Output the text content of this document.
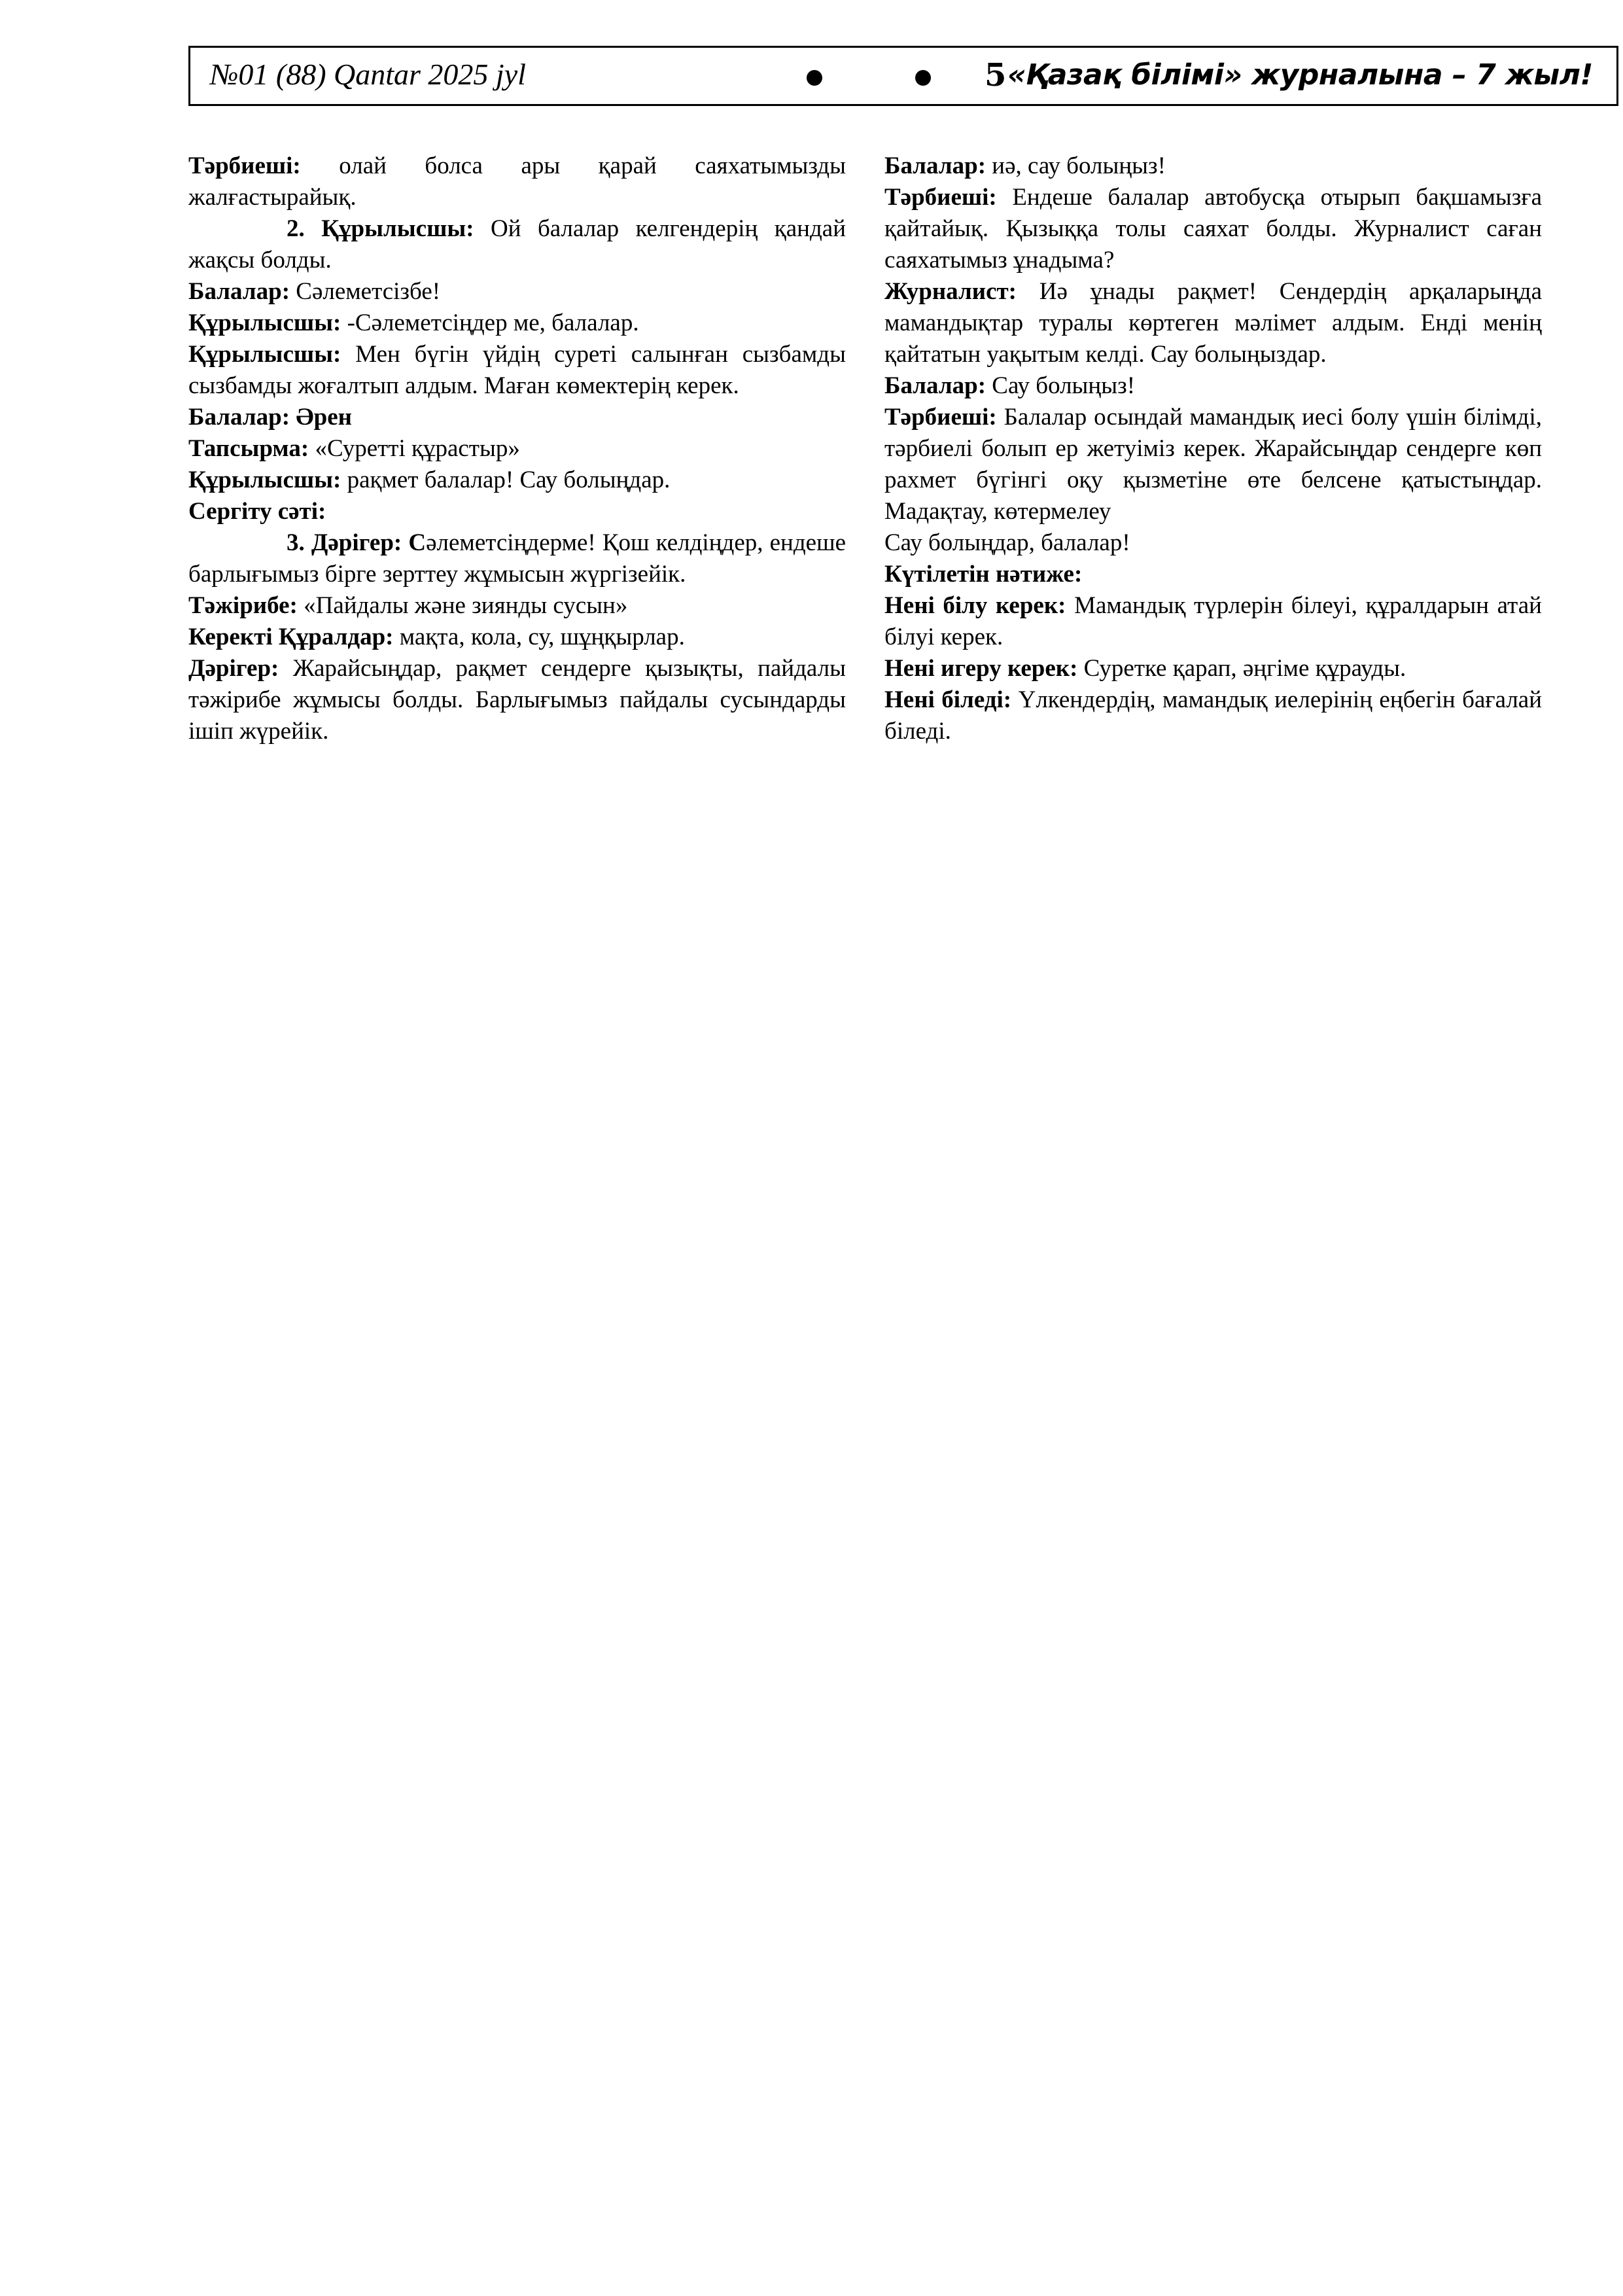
№01 (88) Qantar 2025 jyl	5 «Қазақ білімі» журналына – 7 жыл!

Тәрбиеші: олай болса ары қарай саяхатымызды жалғастырайық.

2. Құрылысшы: Ой балалар келгендерің қандай жақсы болды.

Балалар: Сәлеметсізбе!

Құрылысшы: -Сәлеметсіңдер ме, балалар.

Құрылысшы: Мен бүгін үйдің суреті салынған сызбамды сызбамды жоғалтып алдым. Маған көмектерің керек.

Балалар: Әрен

Тапсырма: «Суретті құрастыр»

Құрылысшы: рақмет балалар! Сау болыңдар.

Сергіту сәті:

3. Дәрігер: Сәлеметсіңдерме! Қош келдіңдер, ендеше барлығымыз бірге зерттеу жұмысын жүргізейік.

Тәжірибе: «Пайдалы және зиянды сусын»

Керекті Құралдар: мақта, кола, су, шұңқырлар.

Дәрігер: Жарайсыңдар, рақмет сендерге қызықты, пайдалы тәжірибе жұмысы болды. Барлығымыз пайдалы сусындарды ішіп жүрейік.

Балалар: иә, сау болыңыз!

Тәрбиеші: Ендеше балалар автобусқа отырып бақшамызға қайтайық. Қызыққа толы саяхат болды. Журналист саған саяхатымыз ұнадыма?

Журналист: Иә ұнады рақмет! Сендердің арқаларыңда мамандықтар туралы көртеген мәлімет алдым. Енді менің қайтатын уақытым келді. Сау болыңыздар.

Балалар: Сау болыңыз!

Тәрбиеші: Балалар осындай мамандық иесі болу үшін білімді, тәрбиелі болып ер жетуіміз керек. Жарайсыңдар сендерге көп рахмет бүгінгі оқу қызметіне өте белсене қатыстыңдар. Мадақтау, көтермелеу

Сау болыңдар, балалар!

Күтілетін нәтиже:

Нені білу керек: Мамандық түрлерін білеуі, құралдарын атай білуі керек.

Нені игеру керек: Суретке қарап, әңгіме құрауды.

Нені біледі: Үлкендердің, мамандық иелерінің еңбегін бағалай біледі.
